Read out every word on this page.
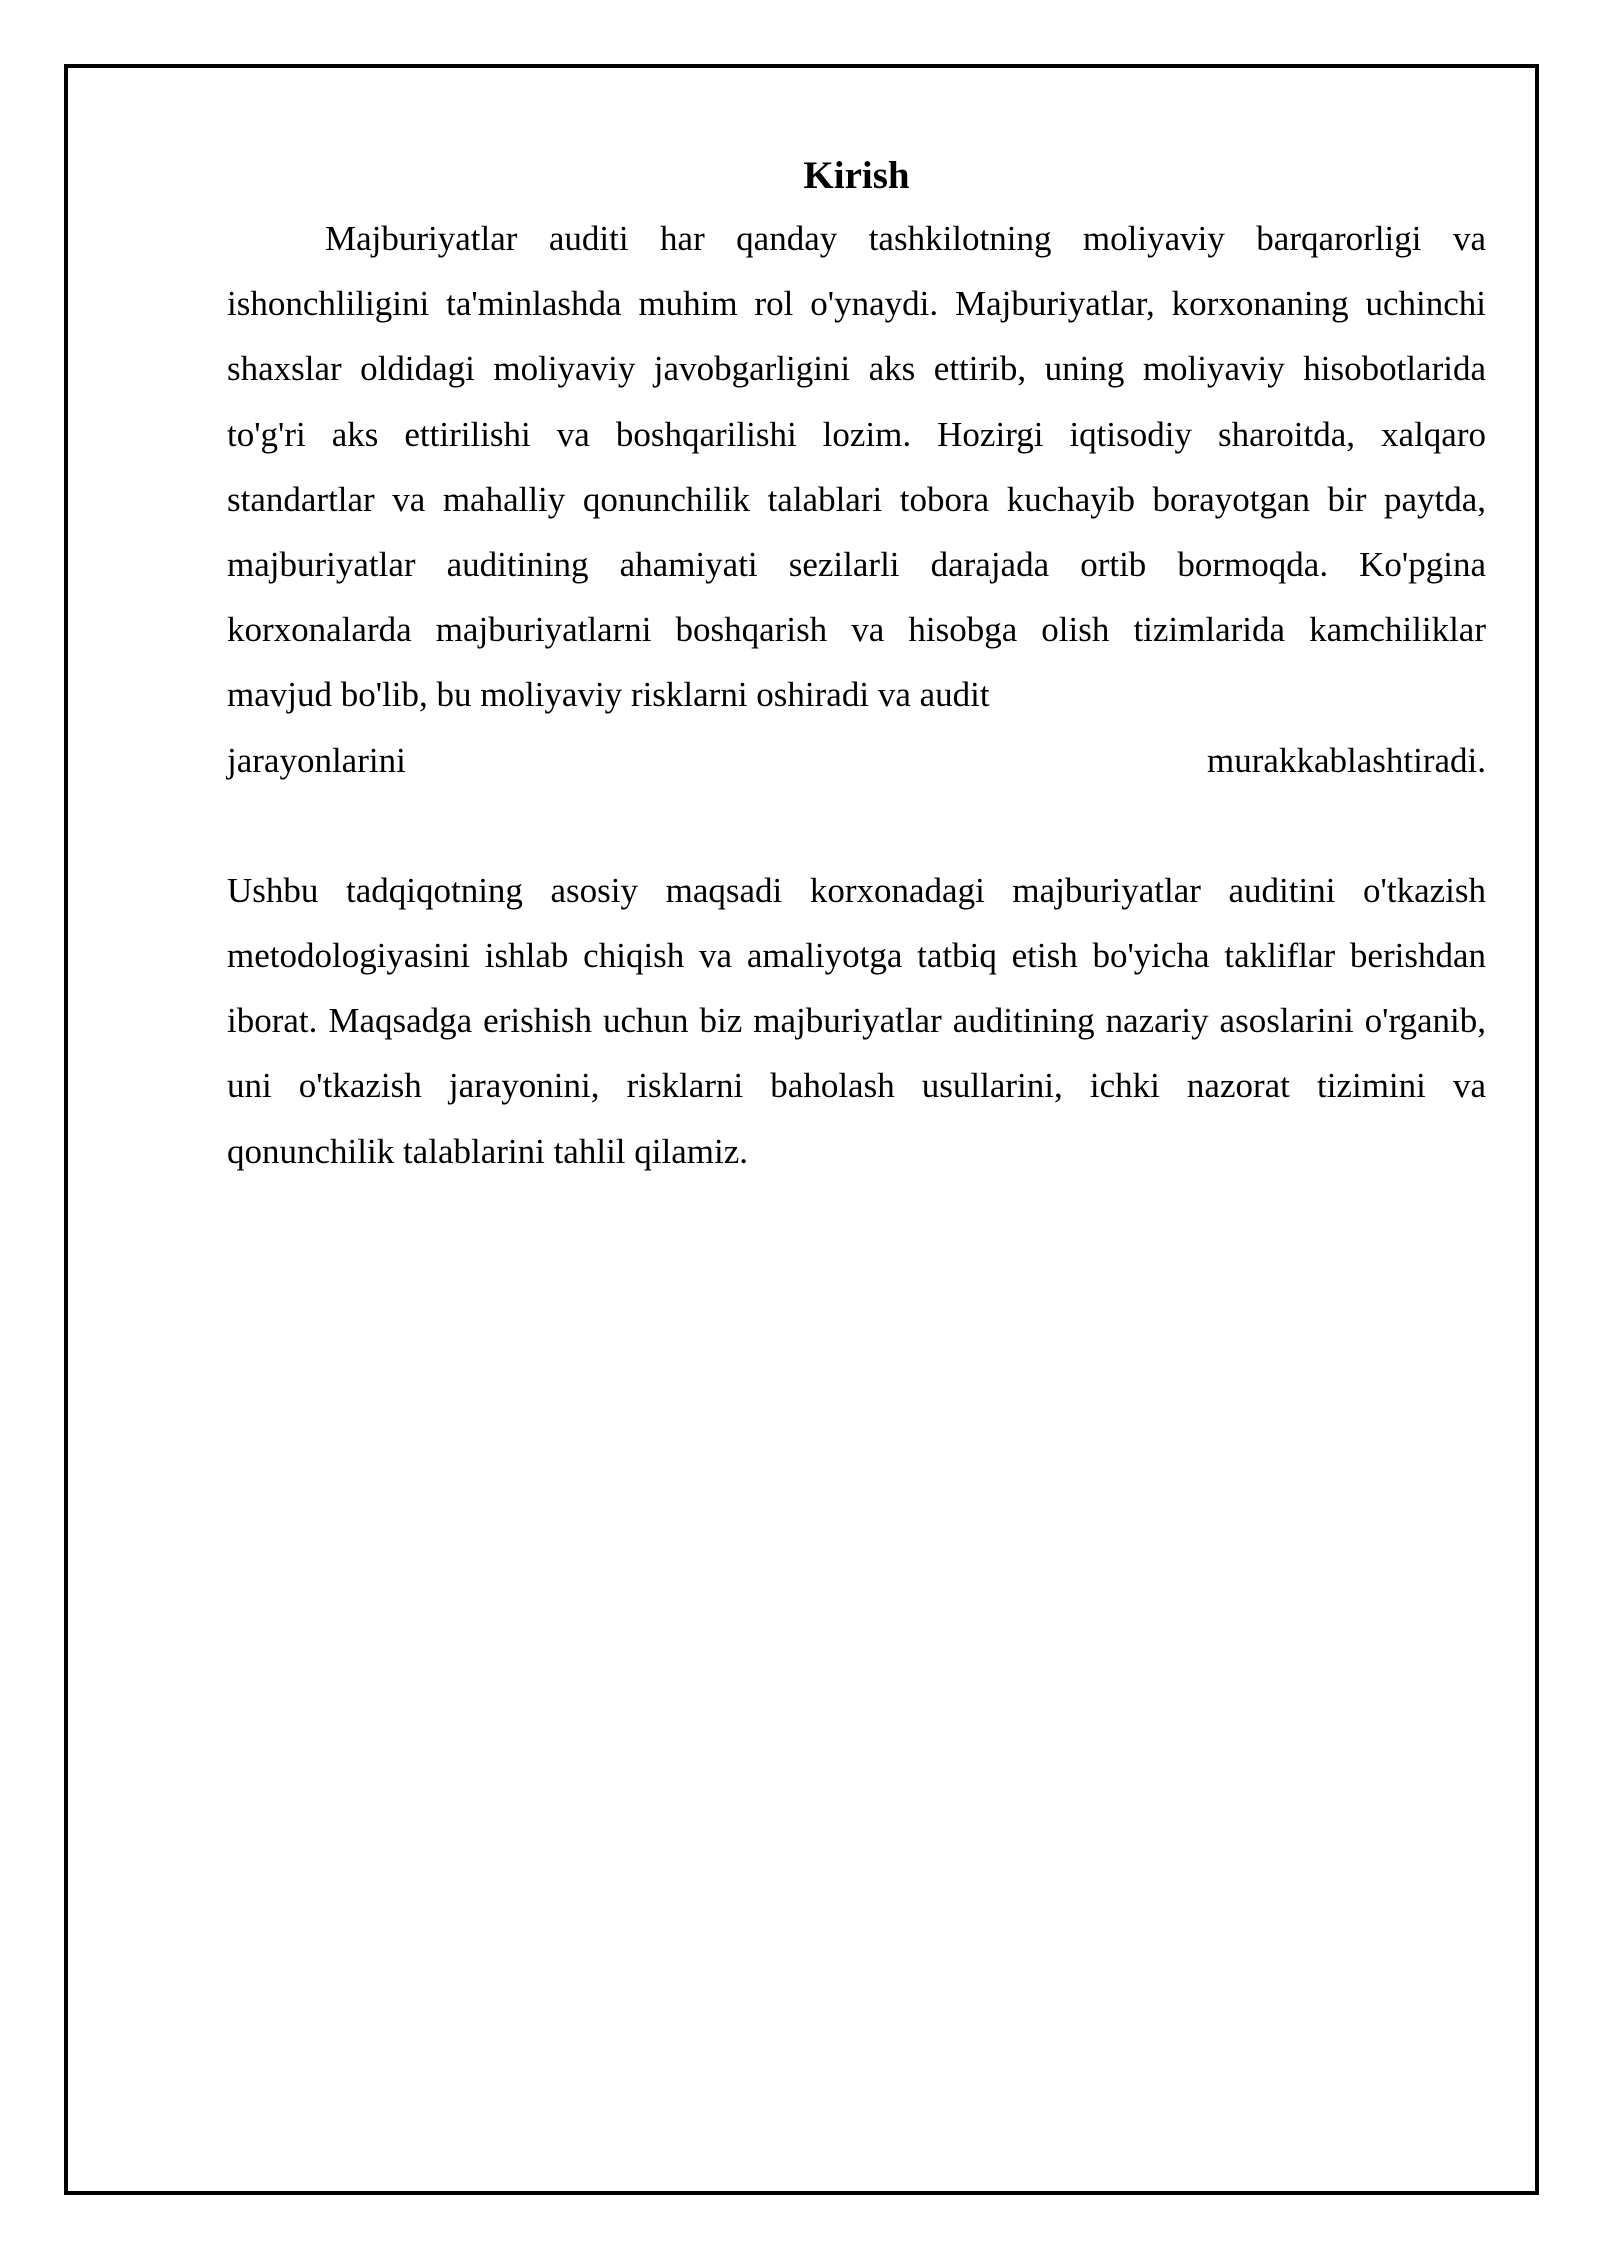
Kirish

Majburiyatlar auditi har qanday tashkilotning moliyaviy barqarorligi va ishonchliligini ta'minlashda muhim rol o'ynaydi. Majburiyatlar, korxonaning uchinchi shaxslar oldidagi moliyaviy javobgarligini aks ettirib, uning moliyaviy hisobotlarida to'g'ri aks ettirilishi va boshqarilishi lozim. Hozirgi iqtisodiy sharoitda, xalqaro standartlar va mahalliy qonunchilik talablari tobora kuchayib borayotgan bir paytda, majburiyatlar auditining ahamiyati sezilarli darajada ortib bormoqda. Ko'pgina korxonalarda majburiyatlarni boshqarish va hisobga olish tizimlarida kamchiliklar mavjud bo'lib, bu moliyaviy risklarni oshiradi va audit

jarayonlarini	murakkablashtiradi.

Ushbu tadqiqotning asosiy maqsadi korxonadagi majburiyatlar auditini o'tkazish metodologiyasini ishlab chiqish va amaliyotga tatbiq etish bo'yicha takliflar berishdan iborat. Maqsadga erishish uchun biz majburiyatlar auditining nazariy asoslarini o'rganib, uni o'tkazish jarayonini, risklarni baholash usullarini, ichki nazorat tizimini va qonunchilik talablarini tahlil qilamiz.
